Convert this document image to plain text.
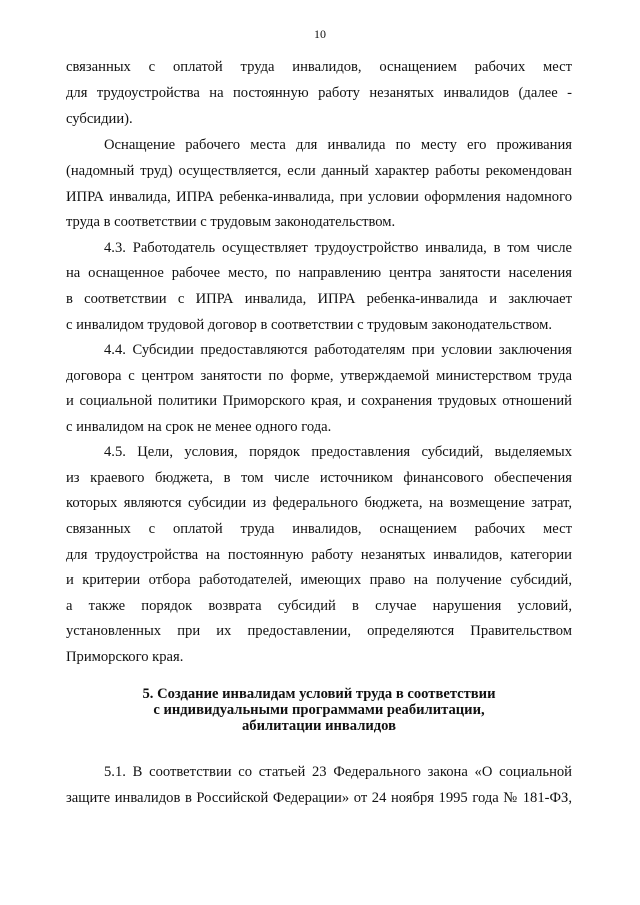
10
связанных с оплатой труда инвалидов, оснащением рабочих мест
для трудоустройства на постоянную работу незанятых инвалидов (далее -
субсидии).
Оснащение рабочего места для инвалида по месту его проживания
(надомный труд) осуществляется, если данный характер работы рекомендован
ИПРА инвалида, ИПРА ребенка-инвалида, при условии оформления надомного
труда в соответствии с трудовым законодательством.
4.3. Работодатель осуществляет трудоустройство инвалида, в том числе
на оснащенное рабочее место, по направлению центра занятости населения
в соответствии с ИПРА инвалида, ИПРА ребенка-инвалида и заключает
с инвалидом трудовой договор в соответствии с трудовым законодательством.
4.4. Субсидии предоставляются работодателям при условии заключения
договора с центром занятости по форме, утверждаемой министерством труда
и социальной политики Приморского края, и сохранения трудовых отношений
с инвалидом на срок не менее одного года.
4.5. Цели, условия, порядок предоставления субсидий, выделяемых
из краевого бюджета, в том числе источником финансового обеспечения
которых являются субсидии из федерального бюджета, на возмещение затрат,
связанных с оплатой труда инвалидов, оснащением рабочих мест
для трудоустройства на постоянную работу незанятых инвалидов, категории
и критерии отбора работодателей, имеющих право на получение субсидий,
а также порядок возврата субсидий в случае нарушения условий,
установленных при их предоставлении, определяются Правительством
Приморского края.
5. Создание инвалидам условий труда в соответствии
с индивидуальными программами реабилитации,
абилитации инвалидов
5.1. В соответствии со статьей 23 Федерального закона «О социальной
защите инвалидов в Российской Федерации» от 24 ноября 1995 года № 181-ФЗ,
